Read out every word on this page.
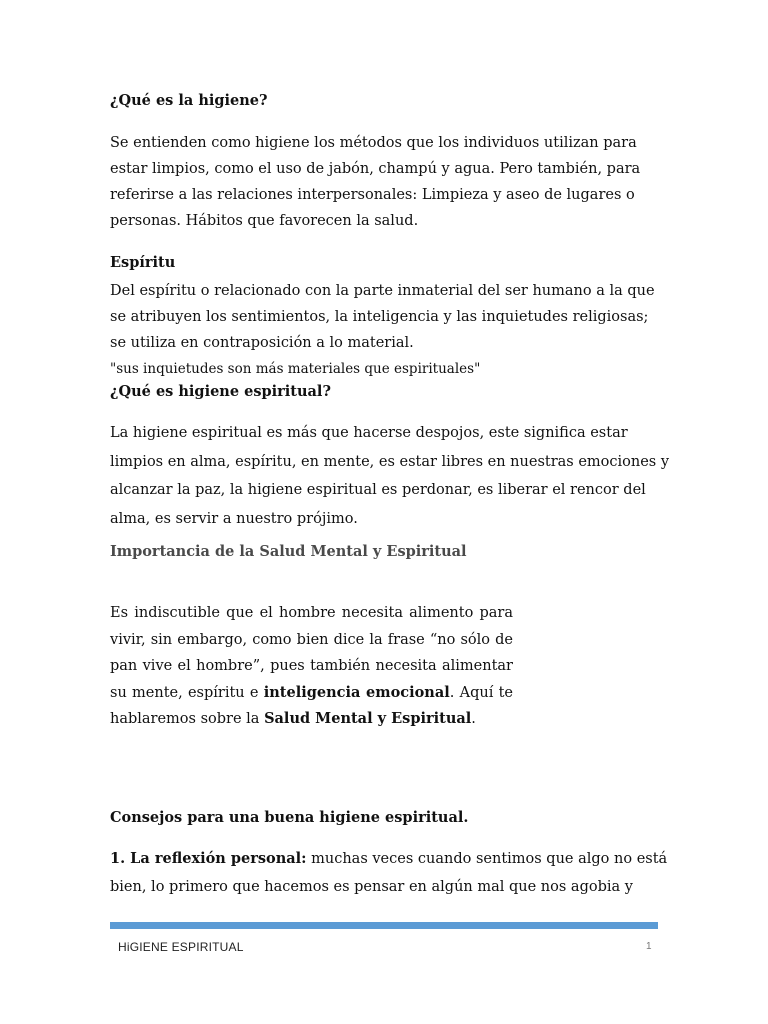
¿Qué es la higiene?

Se entienden como higiene los métodos que los individuos utilizan para
estar limpios, como el uso de jabón, champú y agua. Pero también, para
referirse a las relaciones interpersonales: Limpieza y aseo de lugares o
personas. Hábitos que favorecen la salud.

Espíritu

Del espíritu o relacionado con la parte inmaterial del ser humano a la que
se atribuyen los sentimientos, la inteligencia y las inquietudes religiosas;
se utiliza en contraposición a lo material.
"sus inquietudes son más materiales que espirituales"

¿Qué es higiene espiritual?

La higiene espiritual es más que hacerse despojos, este significa estar
limpios en alma, espíritu, en mente, es estar libres en nuestras emociones y
alcanzar la paz, la higiene espiritual es perdonar, es liberar el rencor del
alma, es servir a nuestro prójimo.

Importancia de la Salud Mental y Espiritual

Es indiscutible que el hombre necesita alimento para
vivir, sin embargo, como bien dice la frase “no sólo de
pan vive el hombre”, pues también necesita alimentar
su mente, espíritu e inteligencia emocional. Aquí te
hablaremos sobre la Salud Mental y Espiritual.

Consejos para una buena higiene espiritual.

1. La reflexión personal: muchas veces cuando sentimos que algo no está
bien, lo primero que hacemos es pensar en algún mal que nos agobia y
HiGIENE ESPIRITUAL	1
